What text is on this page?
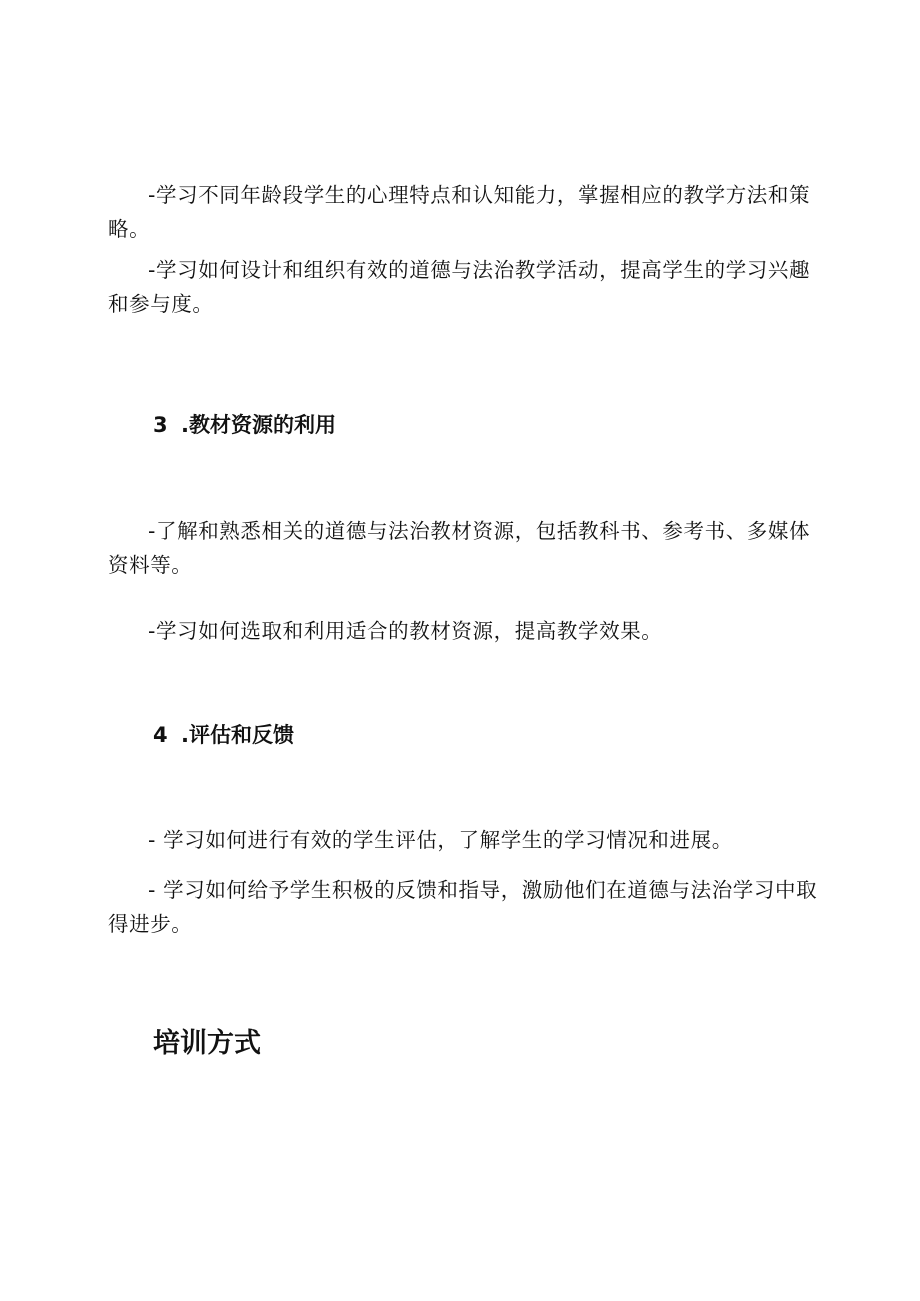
-学习不同年龄段学生的心理特点和认知能力，掌握相应的教学方法和策略。

-学习如何设计和组织有效的道德与法治教学活动，提高学生的学习兴趣和参与度。

3 .教材资源的利用

-了解和熟悉相关的道德与法治教材资源，包括教科书、参考书、多媒体资料等。

-学习如何选取和利用适合的教材资源，提高教学效果。

4 .评估和反馈

- 学习如何进行有效的学生评估，了解学生的学习情况和进展。

- 学习如何给予学生积极的反馈和指导，激励他们在道德与法治学习中取得进步。

培训方式
